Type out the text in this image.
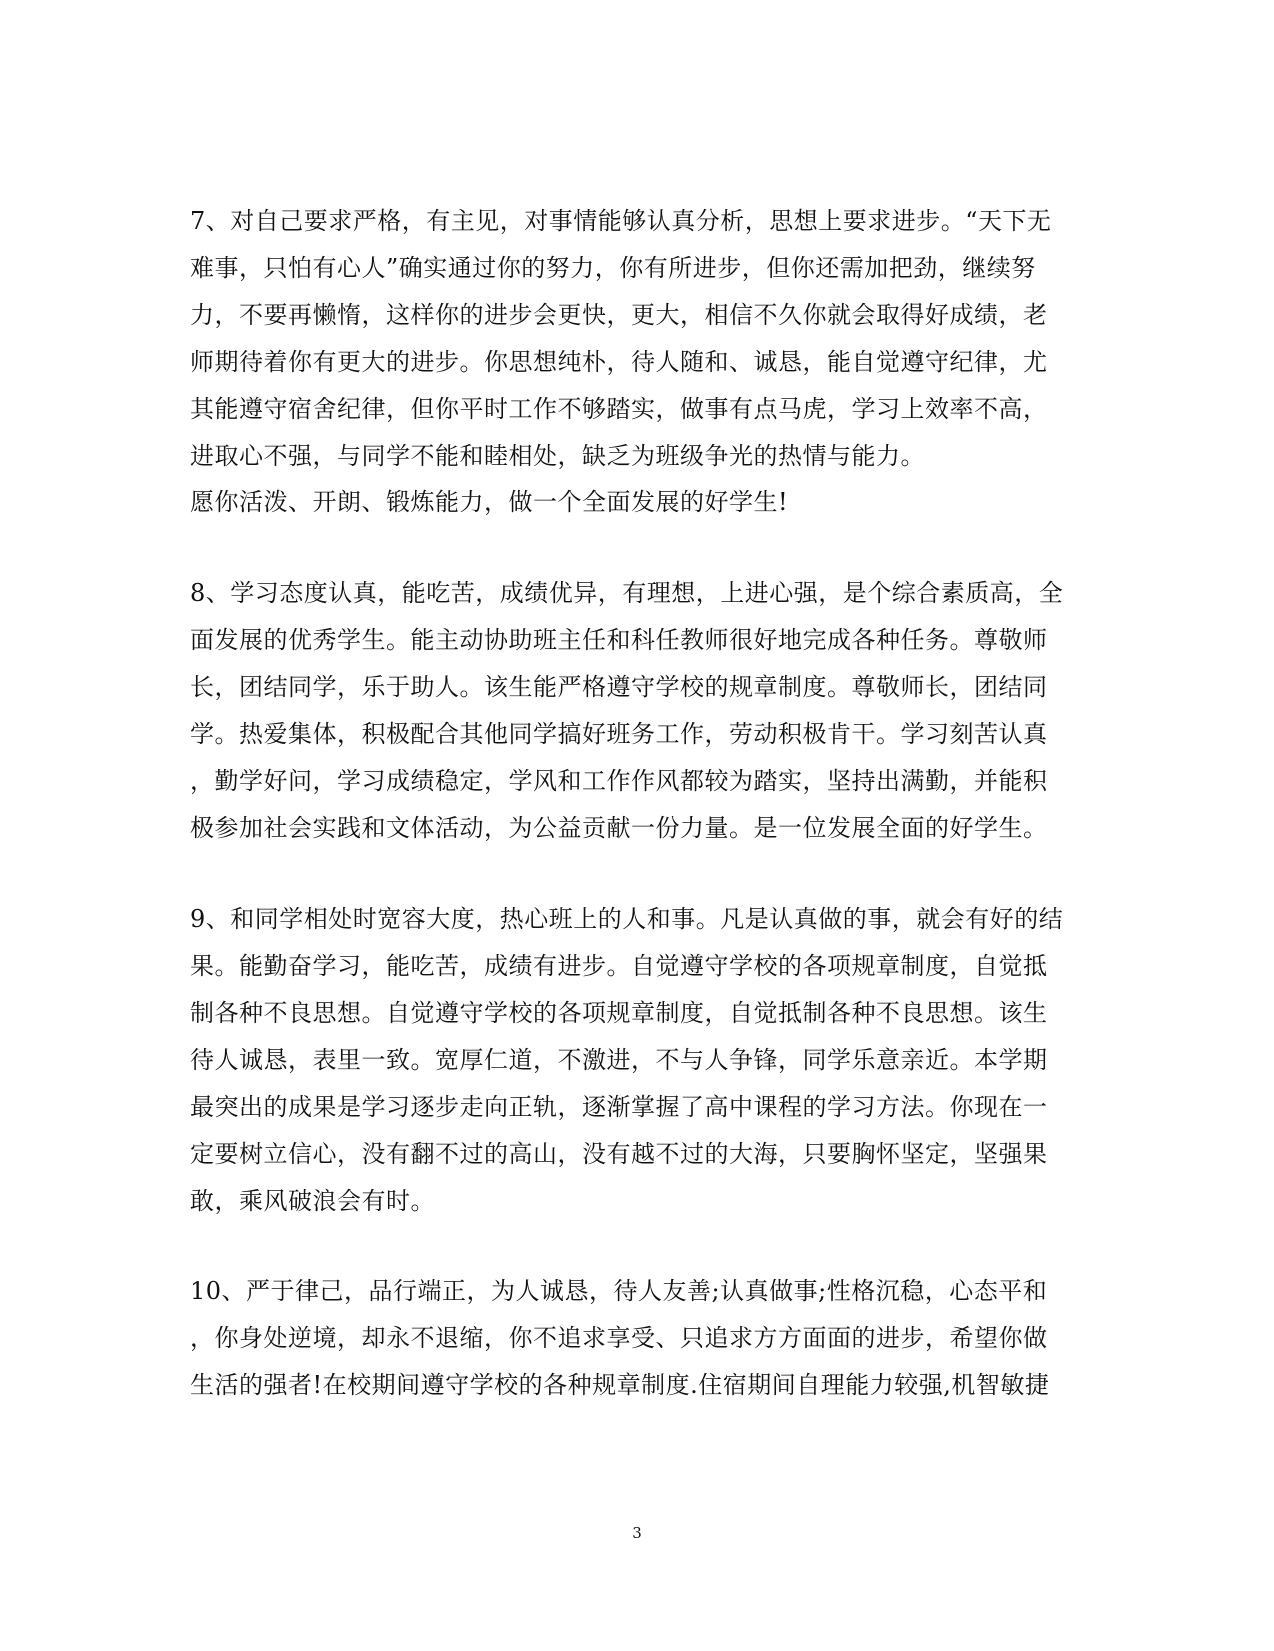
7、对自己要求严格，有主见，对事情能够认真分析，思想上要求进步。“天下无
难事，只怕有心人”确实通过你的努力，你有所进步，但你还需加把劲，继续努
力，不要再懒惰，这样你的进步会更快，更大，相信不久你就会取得好成绩，老
师期待着你有更大的进步。你思想纯朴，待人随和、诚恳，能自觉遵守纪律，尤
其能遵守宿舍纪律，但你平时工作不够踏实，做事有点马虎，学习上效率不高，
进取心不强，与同学不能和睦相处，缺乏为班级争光的热情与能力。
愿你活泼、开朗、锻炼能力，做一个全面发展的好学生!
8、学习态度认真，能吃苦，成绩优异，有理想，上进心强，是个综合素质高，全
面发展的优秀学生。能主动协助班主任和科任教师很好地完成各种任务。尊敬师
长，团结同学，乐于助人。该生能严格遵守学校的规章制度。尊敬师长，团结同
学。热爱集体，积极配合其他同学搞好班务工作，劳动积极肯干。学习刻苦认真
，勤学好问，学习成绩稳定，学风和工作作风都较为踏实，坚持出满勤，并能积
极参加社会实践和文体活动，为公益贡献一份力量。是一位发展全面的好学生。
9、和同学相处时宽容大度，热心班上的人和事。凡是认真做的事，就会有好的结
果。能勤奋学习，能吃苦，成绩有进步。自觉遵守学校的各项规章制度，自觉抵
制各种不良思想。自觉遵守学校的各项规章制度，自觉抵制各种不良思想。该生
待人诚恳，表里一致。宽厚仁道，不激进，不与人争锋，同学乐意亲近。本学期
最突出的成果是学习逐步走向正轨，逐渐掌握了高中课程的学习方法。你现在一
定要树立信心，没有翻不过的高山，没有越不过的大海，只要胸怀坚定，坚强果
敢，乘风破浪会有时。
10、严于律己，品行端正，为人诚恳，待人友善;认真做事;性格沉稳，心态平和
，你身处逆境，却永不退缩，你不追求享受、只追求方方面面的进步，希望你做
生活的强者!在校期间遵守学校的各种规章制度.住宿期间自理能力较强,机智敏捷
3
